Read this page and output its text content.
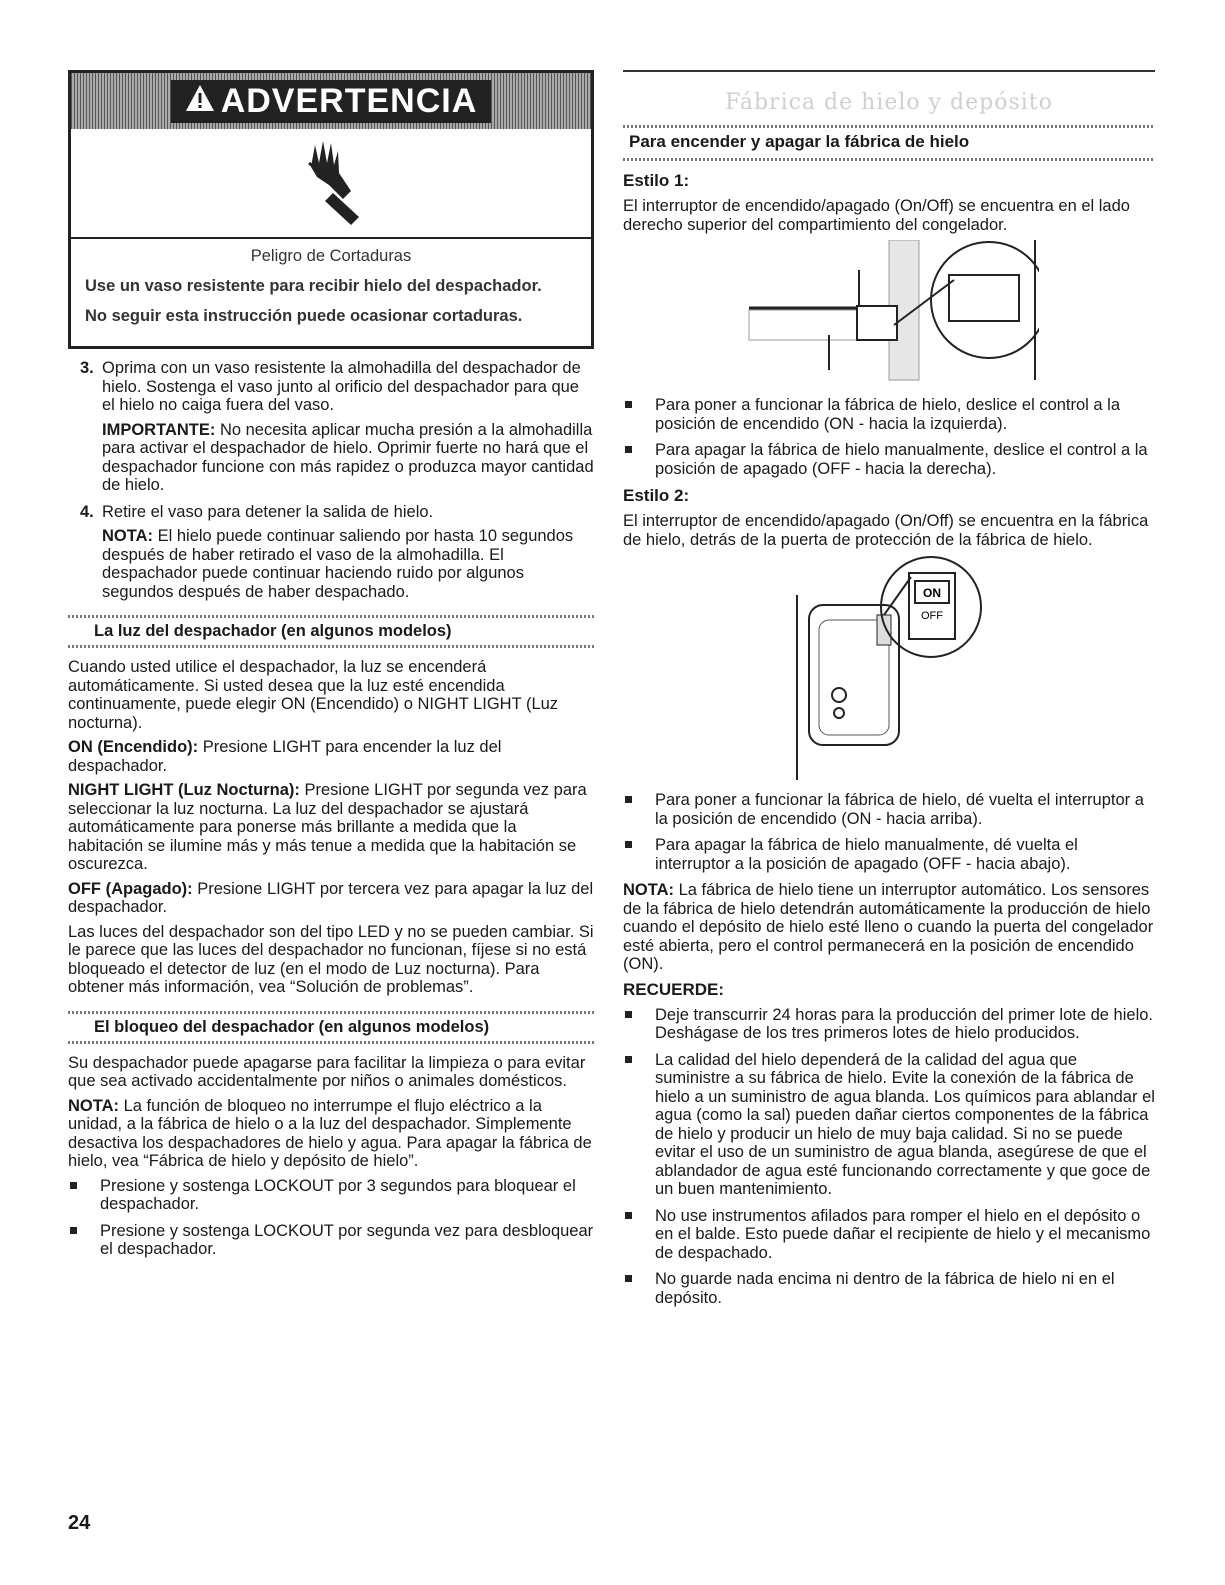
ADVERTENCIA
Peligro de Cortaduras
Use un vaso resistente para recibir hielo del despachador.
No seguir esta instrucción puede ocasionar cortaduras.
3. Oprima con un vaso resistente la almohadilla del despachador de hielo. Sostenga el vaso junto al orificio del despachador para que el hielo no caiga fuera del vaso.

IMPORTANTE: No necesita aplicar mucha presión a la almohadilla para activar el despachador de hielo. Oprimir fuerte no hará que el despachador funcione con más rapidez o produzca mayor cantidad de hielo.

4. Retire el vaso para detener la salida de hielo.

NOTA: El hielo puede continuar saliendo por hasta 10 segundos después de haber retirado el vaso de la almohadilla. El despachador puede continuar haciendo ruido por algunos segundos después de haber despachado.

La luz del despachador (en algunos modelos)

Cuando usted utilice el despachador, la luz se encenderá automáticamente. Si usted desea que la luz esté encendida continuamente, puede elegir ON (Encendido) o NIGHT LIGHT (Luz nocturna).

ON (Encendido): Presione LIGHT para encender la luz del despachador.

NIGHT LIGHT (Luz Nocturna): Presione LIGHT por segunda vez para seleccionar la luz nocturna. La luz del despachador se ajustará automáticamente para ponerse más brillante a medida que la habitación se ilumine más y más tenue a medida que la habitación se oscurezca.

OFF (Apagado): Presione LIGHT por tercera vez para apagar la luz del despachador.

Las luces del despachador son del tipo LED y no se pueden cambiar. Si le parece que las luces del despachador no funcionan, fíjese si no está bloqueado el detector de luz (en el modo de Luz nocturna). Para obtener más información, vea “Solución de problemas”.

El bloqueo del despachador (en algunos modelos)

Su despachador puede apagarse para facilitar la limpieza o para evitar que sea activado accidentalmente por niños o animales domésticos.

NOTA: La función de bloqueo no interrumpe el flujo eléctrico a la unidad, a la fábrica de hielo o a la luz del despachador. Simplemente desactiva los despachadores de hielo y agua. Para apagar la fábrica de hielo, vea “Fábrica de hielo y depósito de hielo”.

Presione y sostenga LOCKOUT por 3 segundos para bloquear el despachador.

Presione y sostenga LOCKOUT por segunda vez para desbloquear el despachador.

Fábrica de hielo y depósito
Para encender y apagar la fábrica de hielo
Estilo 1:

El interruptor de encendido/apagado (On/Off) se encuentra en el lado derecho superior del compartimiento del congelador.

Para poner a funcionar la fábrica de hielo, deslice el control a la posición de encendido (ON - hacia la izquierda).

Para apagar la fábrica de hielo manualmente, deslice el control a la posición de apagado (OFF - hacia la derecha).

Estilo 2:

El interruptor de encendido/apagado (On/Off) se encuentra en la fábrica de hielo, detrás de la puerta de protección de la fábrica de hielo.

ON
OFF

Para poner a funcionar la fábrica de hielo, dé vuelta el interruptor a la posición de encendido (ON - hacia arriba).

Para apagar la fábrica de hielo manualmente, dé vuelta el interruptor a la posición de apagado (OFF - hacia abajo).

NOTA: La fábrica de hielo tiene un interruptor automático. Los sensores de la fábrica de hielo detendrán automáticamente la producción de hielo cuando el depósito de hielo esté lleno o cuando la puerta del congelador esté abierta, pero el control permanecerá en la posición de encendido (ON).

RECUERDE:

Deje transcurrir 24 horas para la producción del primer lote de hielo. Deshágase de los tres primeros lotes de hielo producidos.

La calidad del hielo dependerá de la calidad del agua que suministre a su fábrica de hielo. Evite la conexión de la fábrica de hielo a un suministro de agua blanda. Los químicos para ablandar el agua (como la sal) pueden dañar ciertos componentes de la fábrica de hielo y producir un hielo de muy baja calidad. Si no se puede evitar el uso de un suministro de agua blanda, asegúrese de que el ablandador de agua esté funcionando correctamente y que goce de un buen mantenimiento.

No use instrumentos afilados para romper el hielo en el depósito o en el balde. Esto puede dañar el recipiente de hielo y el mecanismo de despachado.

No guarde nada encima ni dentro de la fábrica de hielo ni en el depósito.

24
